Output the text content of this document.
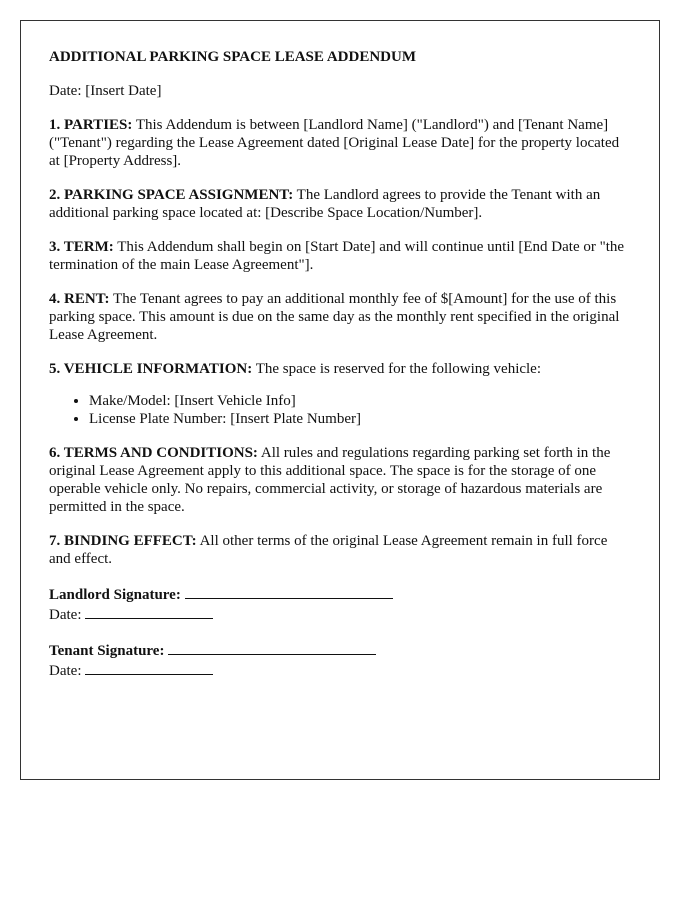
ADDITIONAL PARKING SPACE LEASE ADDENDUM

Date: [Insert Date]

1. PARTIES: This Addendum is between [Landlord Name] ("Landlord") and [Tenant Name] ("Tenant") regarding the Lease Agreement dated [Original Lease Date] for the property located at [Property Address].

2. PARKING SPACE ASSIGNMENT: The Landlord agrees to provide the Tenant with an additional parking space located at: [Describe Space Location/Number].

3. TERM: This Addendum shall begin on [Start Date] and will continue until [End Date or "the termination of the main Lease Agreement"].

4. RENT: The Tenant agrees to pay an additional monthly fee of $[Amount] for the use of this parking space. This amount is due on the same day as the monthly rent specified in the original Lease Agreement.

5. VEHICLE INFORMATION: The space is reserved for the following vehicle:

• Make/Model: [Insert Vehicle Info]
• License Plate Number: [Insert Plate Number]

6. TERMS AND CONDITIONS: All rules and regulations regarding parking set forth in the original Lease Agreement apply to this additional space. The space is for the storage of one operable vehicle only. No repairs, commercial activity, or storage of hazardous materials are permitted in the space.

7. BINDING EFFECT: All other terms of the original Lease Agreement remain in full force and effect.

Landlord Signature:
Date:
Tenant Signature:
Date:
